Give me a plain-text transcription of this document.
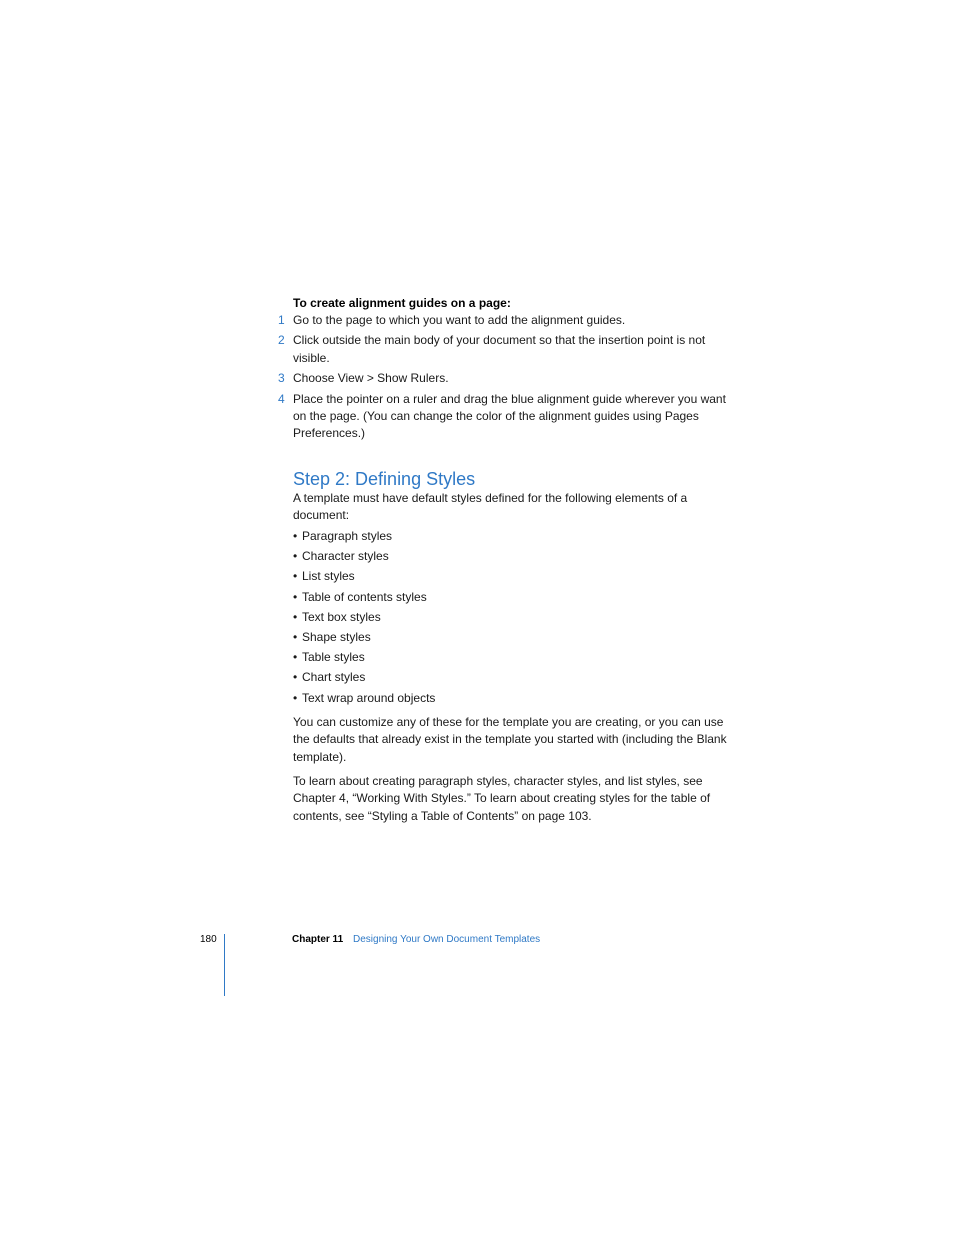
To create alignment guides on a page:
1 Go to the page to which you want to add the alignment guides.
2 Click outside the main body of your document so that the insertion point is not visible.
3 Choose View > Show Rulers.
4 Place the pointer on a ruler and drag the blue alignment guide wherever you want on the page. (You can change the color of the alignment guides using Pages Preferences.)
Step 2: Defining Styles

A template must have default styles defined for the following elements of a document:

• Paragraph styles
• Character styles
• List styles
• Table of contents styles
• Text box styles
• Shape styles
• Table styles
• Chart styles
• Text wrap around objects

You can customize any of these for the template you are creating, or you can use the defaults that already exist in the template you started with (including the Blank template).

To learn about creating paragraph styles, character styles, and list styles, see Chapter 4, “Working With Styles.” To learn about creating styles for the table of contents, see “Styling a Table of Contents” on page 103.

180	Chapter 11 Designing Your Own Document Templates
